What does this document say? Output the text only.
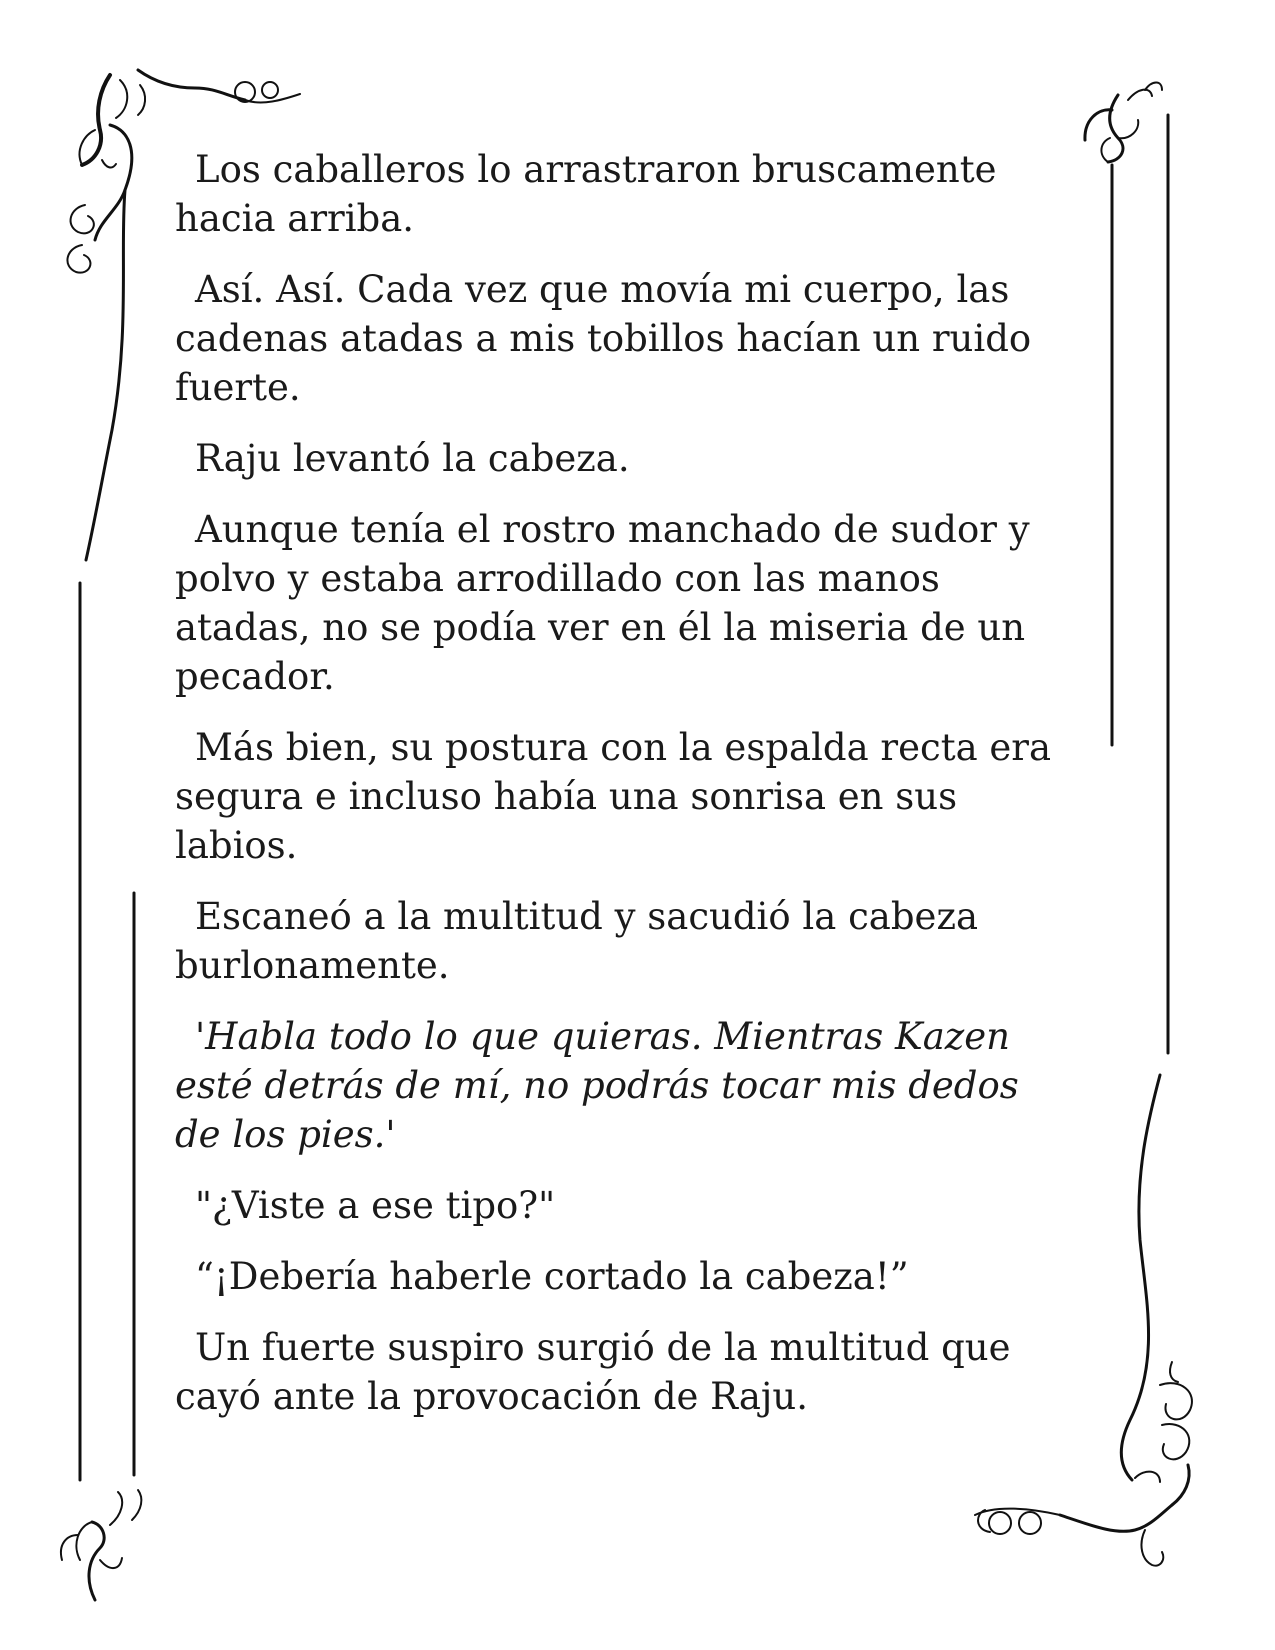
Los caballeros lo arrastraron bruscamente hacia arriba.

Así. Así. Cada vez que movía mi cuerpo, las cadenas atadas a mis tobillos hacían un ruido fuerte.

Raju levantó la cabeza.

Aunque tenía el rostro manchado de sudor y polvo y estaba arrodillado con las manos atadas, no se podía ver en él la miseria de un pecador.

Más bien, su postura con la espalda recta era segura e incluso había una sonrisa en sus labios.

Escaneó a la multitud y sacudió la cabeza burlonamente.

'Habla todo lo que quieras. Mientras Kazen esté detrás de mí, no podrás tocar mis dedos de los pies.'

"¿Viste a ese tipo?"

“¡Debería haberle cortado la cabeza!”

Un fuerte suspiro surgió de la multitud que cayó ante la provocación de Raju.
